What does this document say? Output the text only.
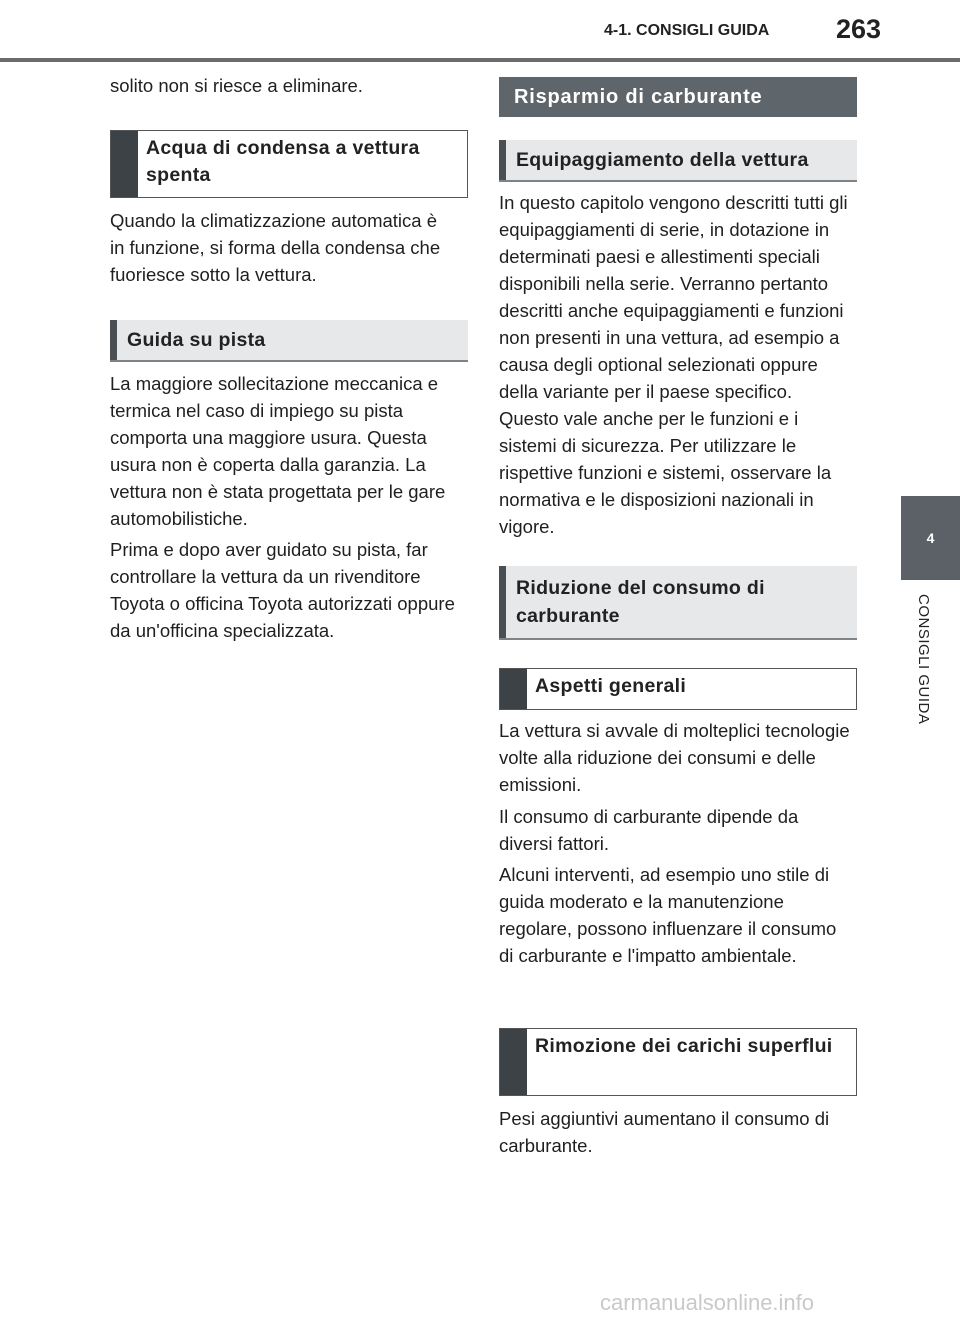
4-1. CONSIGLI GUIDA 263
4
CONSIGLI GUIDA

solito non si riesce a eliminare.

Acqua di condensa a vettura spenta

Quando la climatizzazione automatica è in funzione, si forma della condensa che fuoriesce sotto la vettura.

Guida su pista

La maggiore sollecitazione meccanica e termica nel caso di impiego su pista comporta una maggiore usura. Questa usura non è coperta dalla garanzia. La vettura non è stata progettata per le gare automobilistiche.

Prima e dopo aver guidato su pista, far controllare la vettura da un rivenditore Toyota o officina Toyota autorizzati oppure da un'officina specializzata.

Risparmio di carburante
Equipaggiamento della vettura

In questo capitolo vengono descritti tutti gli equipaggiamenti di serie, in dotazione in determinati paesi e allestimenti speciali disponibili nella serie. Verranno pertanto descritti anche equipaggiamenti e funzioni non presenti in una vettura, ad esempio a causa degli optional selezionati oppure della variante per il paese specifico. Questo vale anche per le funzioni e i sistemi di sicurezza. Per utilizzare le rispettive funzioni e sistemi, osservare la normativa e le disposizioni nazionali in vigore.

Riduzione del consumo di carburante
Aspetti generali

La vettura si avvale di molteplici tecnologie volte alla riduzione dei consumi e delle emissioni.

Il consumo di carburante dipende da diversi fattori.

Alcuni interventi, ad esempio uno stile di guida moderato e la manutenzione regolare, possono influenzare il consumo di carburante e l'impatto ambientale.

Rimozione dei carichi superflui

Pesi aggiuntivi aumentano il consumo di carburante.

carmanualsonline.info
